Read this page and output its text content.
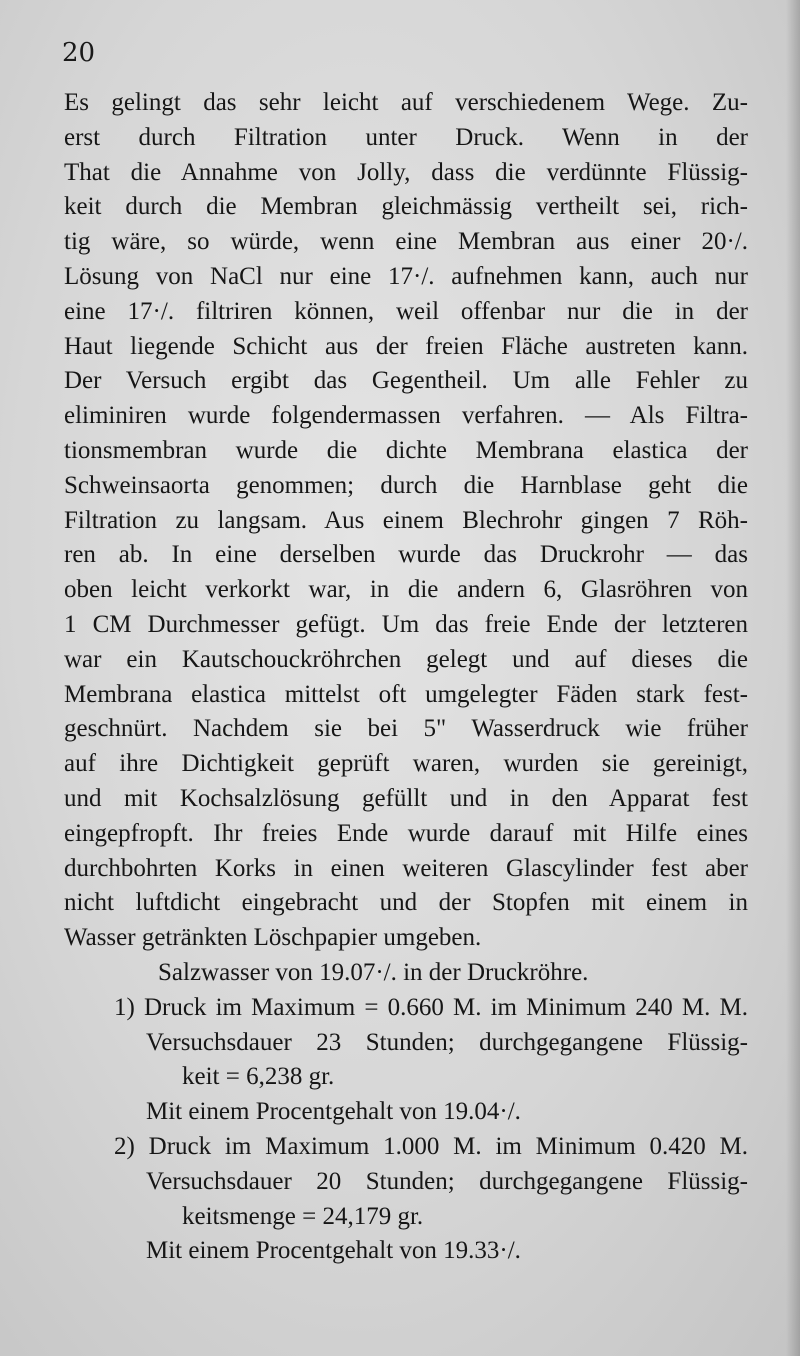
20
Es gelingt das sehr leicht auf verschiedenem Wege. Zu-
erst durch Filtration unter Druck. Wenn in der
That die Annahme von Jolly, dass die verdünnte Flüssig-
keit durch die Membran gleichmässig vertheilt sei, rich-
tig wäre, so würde, wenn eine Membran aus einer 20·/.
Lösung von NaCl nur eine 17·/. aufnehmen kann, auch nur
eine 17·/. filtriren können, weil offenbar nur die in der
Haut liegende Schicht aus der freien Fläche austreten kann.
Der Versuch ergibt das Gegentheil. Um alle Fehler zu
eliminiren wurde folgendermassen verfahren. — Als Filtra-
tionsmembran wurde die dichte Membrana elastica der
Schweinsaorta genommen; durch die Harnblase geht die
Filtration zu langsam. Aus einem Blechrohr gingen 7 Röh-
ren ab. In eine derselben wurde das Druckrohr — das
oben leicht verkorkt war, in die andern 6, Glasröhren von
1 CM Durchmesser gefügt. Um das freie Ende der letzteren
war ein Kautschouckröhrchen gelegt und auf dieses die
Membrana elastica mittelst oft umgelegter Fäden stark fest-
geschnürt. Nachdem sie bei 5" Wasserdruck wie früher
auf ihre Dichtigkeit geprüft waren, wurden sie gereinigt,
und mit Kochsalzlösung gefüllt und in den Apparat fest
eingepfropft. Ihr freies Ende wurde darauf mit Hilfe eines
durchbohrten Korks in einen weiteren Glascylinder fest aber
nicht luftdicht eingebracht und der Stopfen mit einem in
Wasser getränkten Löschpapier umgeben.
Salzwasser von 19.07·/. in der Druckröhre.
1) Druck im Maximum = 0.660 M. im Minimum 240 M. M.
Versuchsdauer 23 Stunden; durchgegangene Flüssig-
keit = 6,238 gr.
Mit einem Procentgehalt von 19.04·/.
2) Druck im Maximum 1.000 M. im Minimum 0.420 M.
Versuchsdauer 20 Stunden; durchgegangene Flüssig-
keitsmenge = 24,179 gr.
Mit einem Procentgehalt von 19.33·/.
